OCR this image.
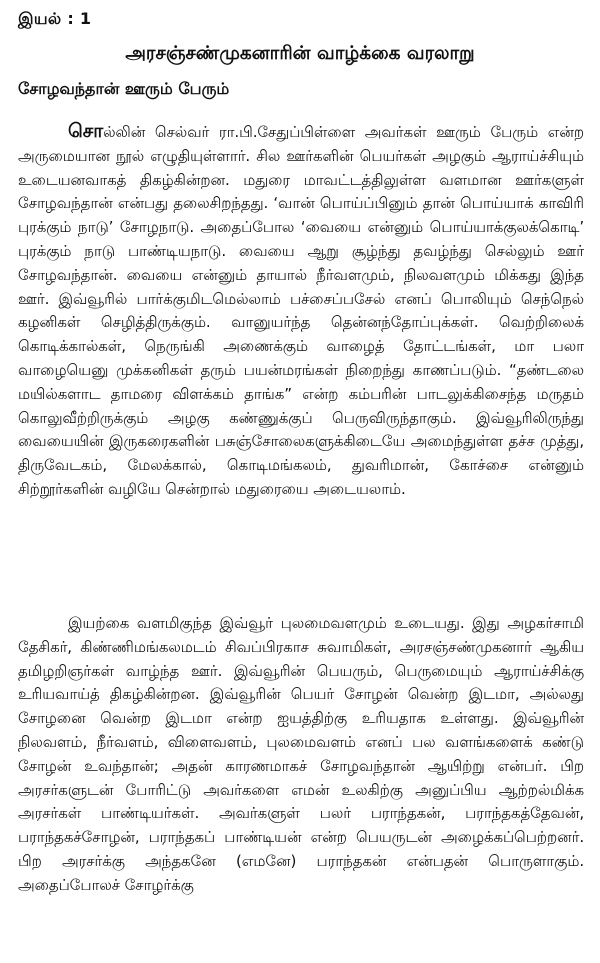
இயல் : 1
அரசஞ்சண்முகனாரின் வாழ்க்கை வரலாறு
சோழவந்தான் ஊரும் பேரும்

சொல்லின் செல்வர் ரா.பி.சேதுப்பிள்ளை அவர்கள் ஊரும் பேரும் என்ற அருமையான நூல் எழுதியுள்ளார். சில ஊர்களின் பெயர்கள் அழகும் ஆராய்ச்சியும் உடையனவாகத் திகழ்கின்றன. மதுரை மாவட்டத்திலுள்ள வளமான ஊர்களுள் சோழவந்தான் என்பது தலைசிறந்தது. ‘வான் பொய்ப்பினும் தான் பொய்யாக் காவிரி புரக்கும் நாடு’ சோழநாடு. அதைப்போல ‘வையை என்னும் பொய்யாக்குலக்கொடி’ புரக்கும் நாடு பாண்டியநாடு. வையை ஆறு சூழ்ந்து தவழ்ந்து செல்லும் ஊர் சோழவந்தான். வையை என்னும் தாயால் நீர்வளமும், நிலவளமும் மிக்கது இந்த ஊர். இவ்வூரில் பார்க்குமிடமெல்லாம் பச்சைப்பசேல் எனப் பொலியும் செந்நெல் கழனிகள் செழித்திருக்கும். வானுயர்ந்த தென்னந்தோப்புக்கள். வெற்றிலைக் கொடிக்கால்கள், நெருங்கி அணைக்கும் வாழைத் தோட்டங்கள், மா பலா வாழையெனு முக்கனிகள் தரும் பயன்மரங்கள் நிறைந்து காணப்படும். “தண்டலை மயில்களாட தாமரை விளக்கம் தாங்க” என்ற கம்பரின் பாடலுக்கிசைந்த மருதம் கொலுவீற்றிருக்கும் அழகு கண்ணுக்குப் பெருவிருந்தாகும். இவ்வூரிலிருந்து வையையின் இருகரைகளின் பசுஞ்சோலைகளுக்கிடையே அமைந்துள்ள தச்ச முத்து, திருவேடகம், மேலக்கால், கொடிமங்கலம், துவரிமான், கோச்சை என்னும் சிற்றூர்களின் வழியே சென்றால் மதுரையை அடையலாம்.

இயற்கை வளமிகுந்த இவ்வூர் புலமைவளமும் உடையது. இது அழகர்சாமி தேசிகர், கிண்ணிமங்கலமடம் சிவப்பிரகாச சுவாமிகள், அரசஞ்சண்முகனார் ஆகிய தமிழறிஞர்கள் வாழ்ந்த ஊர். இவ்வூரின் பெயரும், பெருமையும் ஆராய்ச்சிக்கு உரியவாய்த் திகழ்கின்றன. இவ்வூரின் பெயர் சோழன் வென்ற இடமா, அல்லது சோழனை வென்ற இடமா என்ற ஐயத்திற்கு உரியதாக உள்ளது. இவ்வூரின் நிலவளம், நீர்வளம், விளைவளம், புலமைவளம் எனப் பல வளங்களைக் கண்டு சோழன் உவந்தான்; அதன் காரணமாகச் சோழவந்தான் ஆயிற்று என்பர். பிற அரசர்களுடன் போரிட்டு அவர்களை எமன் உலகிற்கு அனுப்பிய ஆற்றல்மிக்க அரசர்கள் பாண்டியர்கள். அவர்களுள் பலர் பராந்தகன், பராந்தகத்தேவன், பராந்தகச்சோழன், பராந்தகப் பாண்டியன் என்ற பெயருடன் அழைக்கப்பெற்றனர். பிற அரசர்க்கு அந்தகனே (எமனே) பராந்தகன் என்பதன் பொருளாகும். அதைப்போலச் சோழர்க்கு
